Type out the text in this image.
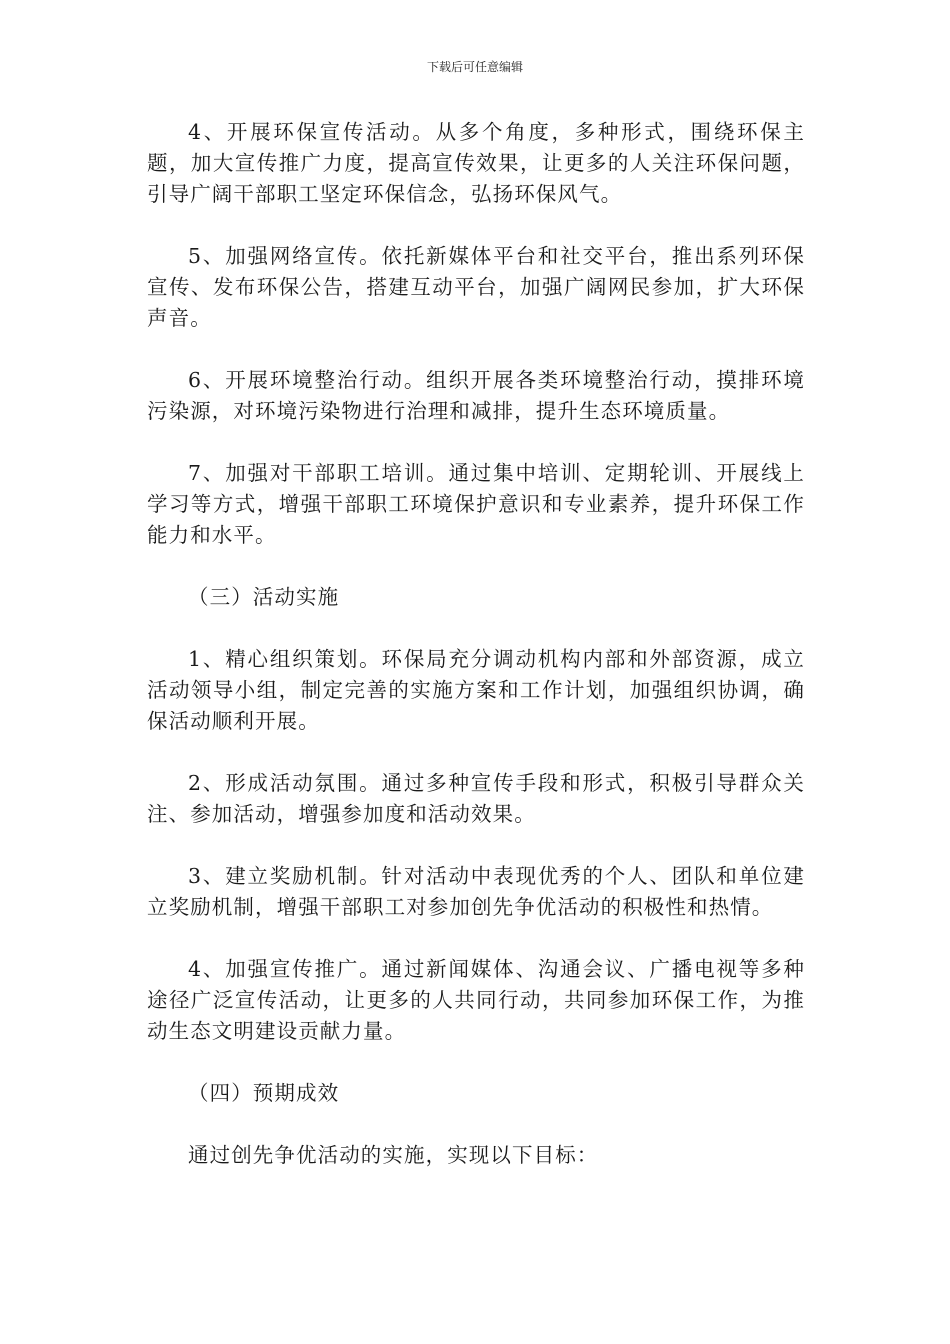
下载后可任意编辑

4、开展环保宣传活动。从多个角度，多种形式，围绕环保主题，加大宣传推广力度，提高宣传效果，让更多的人关注环保问题，引导广阔干部职工坚定环保信念，弘扬环保风气。

5、加强网络宣传。依托新媒体平台和社交平台，推出系列环保宣传、发布环保公告，搭建互动平台，加强广阔网民参加，扩大环保声音。

6、开展环境整治行动。组织开展各类环境整治行动，摸排环境污染源，对环境污染物进行治理和减排，提升生态环境质量。

7、加强对干部职工培训。通过集中培训、定期轮训、开展线上学习等方式，增强干部职工环境保护意识和专业素养，提升环保工作能力和水平。

（三）活动实施

1、精心组织策划。环保局充分调动机构内部和外部资源，成立活动领导小组，制定完善的实施方案和工作计划，加强组织协调，确保活动顺利开展。

2、形成活动氛围。通过多种宣传手段和形式，积极引导群众关注、参加活动，增强参加度和活动效果。

3、建立奖励机制。针对活动中表现优秀的个人、团队和单位建立奖励机制，增强干部职工对参加创先争优活动的积极性和热情。

4、加强宣传推广。通过新闻媒体、沟通会议、广播电视等多种途径广泛宣传活动，让更多的人共同行动，共同参加环保工作，为推动生态文明建设贡献力量。

（四）预期成效

通过创先争优活动的实施，实现以下目标：
